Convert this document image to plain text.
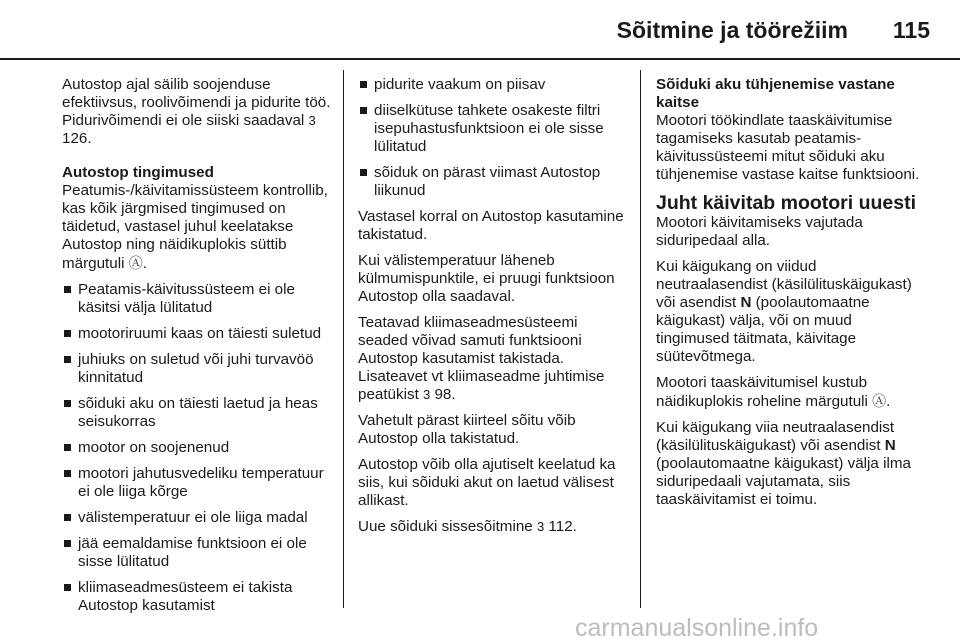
Sõitmine ja töörežiim 115

Autostop ajal säilib soojenduse efektiivsus, roolivõimendi ja pidurite töö. Pidurivõimendi ei ole siiski saadaval 3 126.

Autostop tingimused

Peatumis-/käivitamissüsteem kontrollib, kas kõik järgmised tingimused on täidetud, vastasel juhul keelatakse Autostop ning näidikuplokis süttib märgutuli Ⓐ.

Peatamis-käivitussüsteem ei ole käsitsi välja lülitatud
mootoriruumi kaas on täiesti suletud
juhiuks on suletud või juhi turvavöö kinnitatud
sõiduki aku on täiesti laetud ja heas seisukorras
mootor on soojenenud
mootori jahutusvedeliku temperatuur ei ole liiga kõrge
välistemperatuur ei ole liiga madal
jää eemaldamise funktsioon ei ole sisse lülitatud
kliimaseadmesüsteem ei takista Autostop kasutamist
pidurite vaakum on piisav
diiselkütuse tahkete osakeste filtri isepuhastusfunktsioon ei ole sisse lülitatud
sõiduk on pärast viimast Autostop liikunud

Vastasel korral on Autostop kasutamine takistatud.

Kui välistemperatuur läheneb külmumispunktile, ei pruugi funktsioon Autostop olla saadaval.

Teatavad kliimaseadmesüsteemi seaded võivad samuti funktsiooni Autostop kasutamist takistada. Lisateavet vt kliimaseadme juhtimise peatükist 3 98.

Vahetult pärast kiirteel sõitu võib Autostop olla takistatud.

Autostop võib olla ajutiselt keelatud ka siis, kui sõiduki akut on laetud välisest allikast.

Uue sõiduki sissesõitmine 3 112.

Sõiduki aku tühjenemise vastane kaitse

Mootori töökindlate taaskäivitumise tagamiseks kasutab peatamis-käivitussüsteemi mitut sõiduki aku tühjenemise vastase kaitse funktsiooni.

Juht käivitab mootori uuesti

Mootori käivitamiseks vajutada siduripedaal alla.

Kui käigukang on viidud neutraalasendist (käsilülituskäigukast) või asendist N (poolautomaatne käigukast) välja, või on muud tingimused täitmata, käivitage süütevõtmega.

Mootori taaskäivitumisel kustub näidikuplokis roheline märgutuli Ⓐ.

Kui käigukang viia neutraalasendist (käsilülituskäigukast) või asendist N (poolautomaatne käigukast) välja ilma siduripedaali vajutamata, siis taaskäivitamist ei toimu.

carmanualsonline.info
